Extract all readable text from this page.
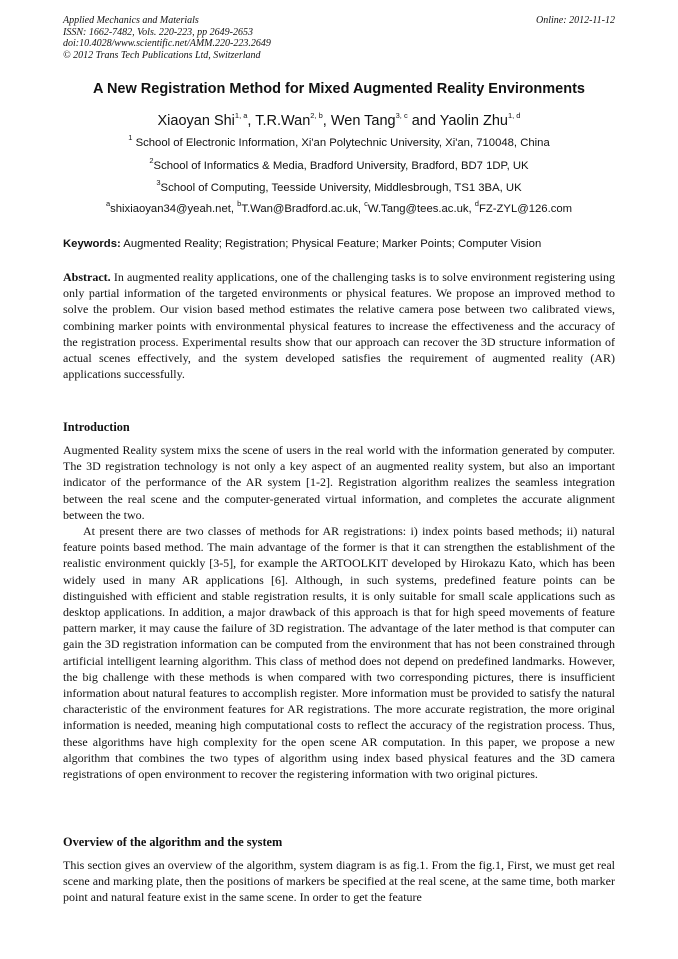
Applied Mechanics and Materials
ISSN: 1662-7482, Vols. 220-223, pp 2649-2653
doi:10.4028/www.scientific.net/AMM.220-223.2649
© 2012 Trans Tech Publications Ltd, Switzerland
Online: 2012-11-12
A New Registration Method for Mixed Augmented Reality Environments
Xiaoyan Shi$^{1, a}$, T.R.Wan$^{2, b}$, Wen Tang$^{3, c}$ and Yaolin Zhu$^{1, d}$
$^1$ School of Electronic Information, Xi'an Polytechnic University, Xi'an, 710048, China
$^2$School of Informatics & Media, Bradford University, Bradford, BD7 1DP, UK
$^3$School of Computing, Teesside University, Middlesbrough, TS1 3BA, UK
$^a$shixiaoyan34@yeah.net, $^b$T.Wan@Bradford.ac.uk, $^c$W.Tang@tees.ac.uk, $^d$FZ-ZYL@126.com
Keywords: Augmented Reality; Registration; Physical Feature; Marker Points; Computer Vision

Abstract. In augmented reality applications, one of the challenging tasks is to solve environment registering using only partial information of the targeted environments or physical features. We propose an improved method to solve the problem. Our vision based method estimates the relative camera pose between two calibrated views, combining marker points with environmental physical features to increase the effectiveness and the accuracy of the registration process. Experimental results show that our approach can recover the 3D structure information of actual scenes effectively, and the system developed satisfies the requirement of augmented reality (AR) applications successfully.

Introduction

Augmented Reality system mixs the scene of users in the real world with the information generated by computer. The 3D registration technology is not only a key aspect of an augmented reality system, but also an important indicator of the performance of the AR system [1-2]. Registration algorithm realizes the seamless integration between the real scene and the computer-generated virtual information, and completes the accurate alignment between the two.

At present there are two classes of methods for AR registrations: i) index points based methods; ii) natural feature points based method. The main advantage of the former is that it can strengthen the establishment of the realistic environment quickly [3-5], for example the ARTOOLKIT developed by Hirokazu Kato, which has been widely used in many AR applications [6]. Although, in such systems, predefined feature points can be distinguished with efficient and stable registration results, it is only suitable for small scale applications such as desktop applications. In addition, a major drawback of this approach is that for high speed movements of feature pattern marker, it may cause the failure of 3D registration. The advantage of the later method is that computer can gain the 3D registration information can be computed from the environment that has not been constrained through artificial intelligent learning algorithm. This class of method does not depend on predefined landmarks. However, the big challenge with these methods is when compared with two corresponding pictures, there is insufficient information about natural features to accomplish register. More information must be provided to satisfy the natural characteristic of the environment features for AR registrations. The more accurate registration, the more original information is needed, meaning high computational costs to reflect the accuracy of the registration process. Thus, these algorithms have high complexity for the open scene AR computation. In this paper, we propose a new algorithm that combines the two types of algorithm using index based physical features and the 3D camera registrations of open environment to recover the registering information with two original pictures.

Overview of the algorithm and the system

This section gives an overview of the algorithm, system diagram is as fig.1. From the fig.1, First, we must get real scene and marking plate, then the positions of markers be specified at the real scene, at the same time, both marker point and natural feature exist in the same scene. In order to get the feature
